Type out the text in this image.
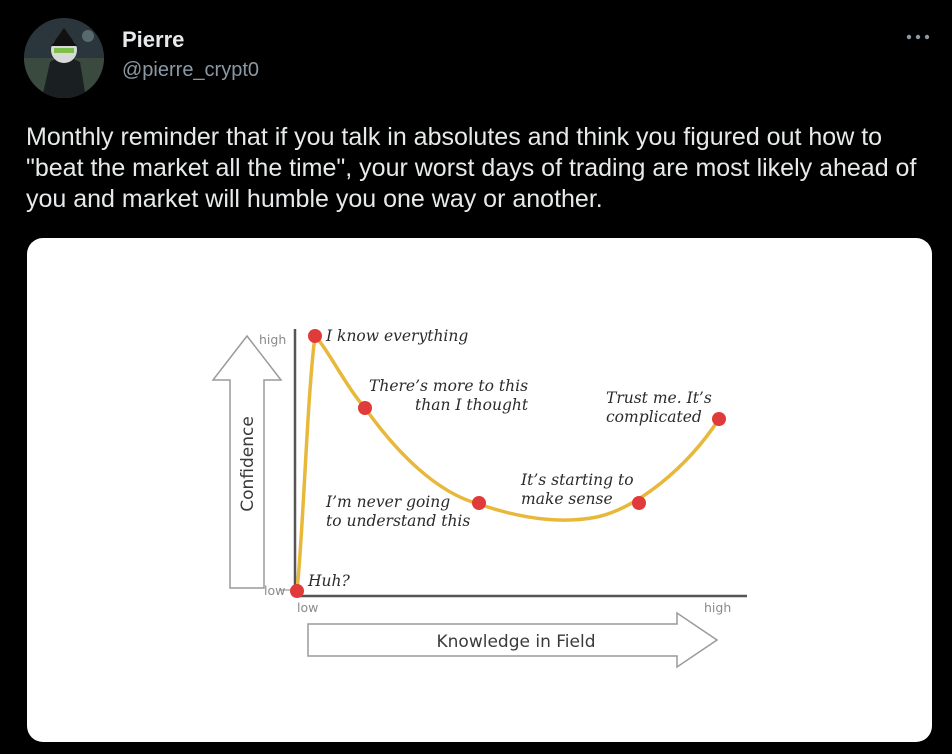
Pierre
@pierre_crypt0
Monthly reminder that if you talk in absolutes and think you figured out how to "beat the market all the time", your worst days of trading are most likely ahead of you and market will humble you one way or another.
Confidence
Knowledge in Field
high
low
low	high
Huh?
I know everything
There’s more to this
than I thought
I’m never going
to understand this
It’s starting to
make sense
Trust me. It’s
complicated
